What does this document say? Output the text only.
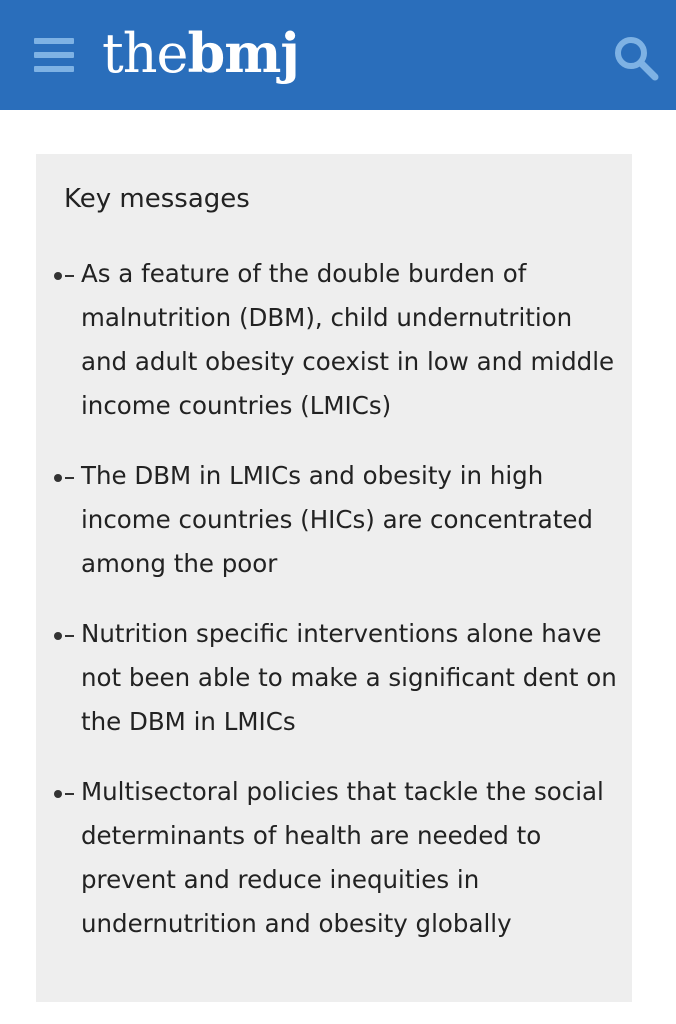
thebmj
Key messages
As a feature of the double burden of
malnutrition (DBM), child undernutrition
and adult obesity coexist in low and middle
income countries (LMICs)
The DBM in LMICs and obesity in high
income countries (HICs) are concentrated
among the poor
Nutrition specific interventions alone have
not been able to make a significant dent on
the DBM in LMICs
Multisectoral policies that tackle the social
determinants of health are needed to
prevent and reduce inequities in
undernutrition and obesity globally
